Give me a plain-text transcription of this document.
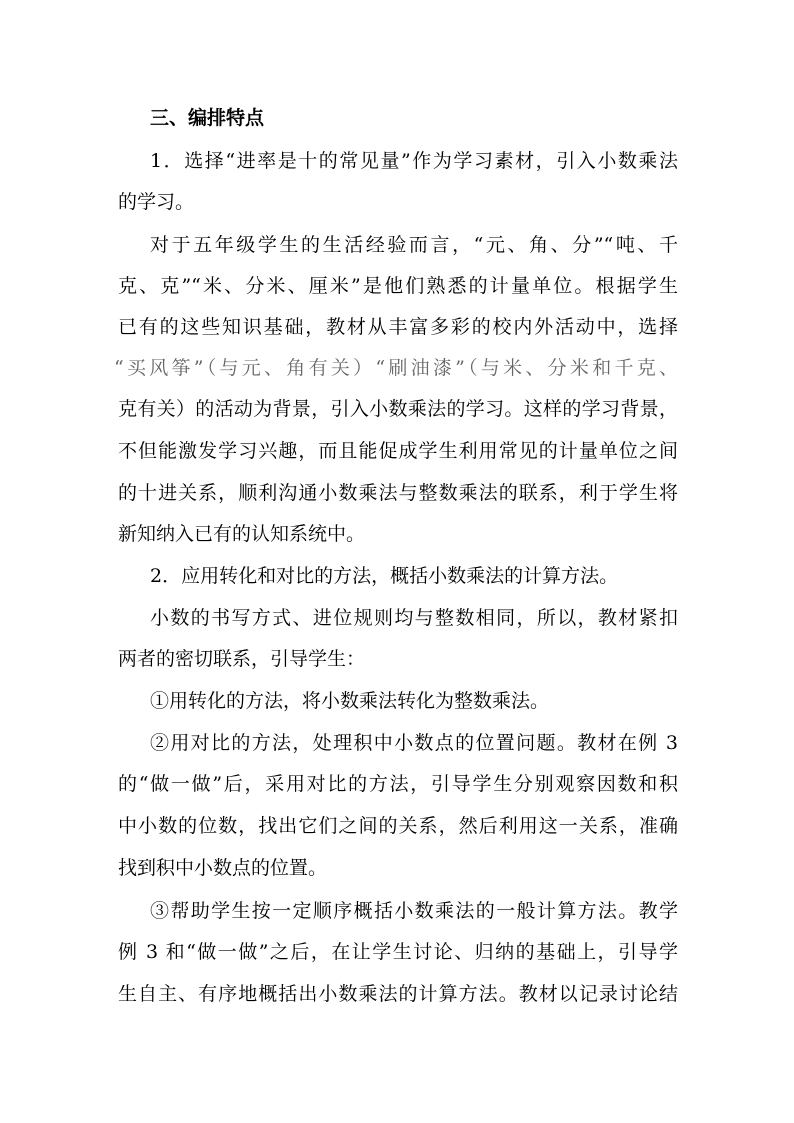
三、编排特点

1．选择“进率是十的常见量”作为学习素材，引入小数乘法

的学习。

对于五年级学生的生活经验而言，“元、角、分”“吨、千

克、克”“米、分米、厘米”是他们熟悉的计量单位。根据学生

已有的这些知识基础，教材从丰富多彩的校内外活动中，选择

“买风筝”（与元、角有关）“刷油漆”（与米、分米和千克、

克有关）的活动为背景，引入小数乘法的学习。这样的学习背景，

不但能激发学习兴趣，而且能促成学生利用常见的计量单位之间

的十进关系，顺利沟通小数乘法与整数乘法的联系，利于学生将

新知纳入已有的认知系统中。

2．应用转化和对比的方法，概括小数乘法的计算方法。

小数的书写方式、进位规则均与整数相同，所以，教材紧扣

两者的密切联系，引导学生：

①用转化的方法，将小数乘法转化为整数乘法。

②用对比的方法，处理积中小数点的位置问题。教材在例 3

的“做一做”后，采用对比的方法，引导学生分别观察因数和积

中小数的位数，找出它们之间的关系，然后利用这一关系，准确

找到积中小数点的位置。

③帮助学生按一定顺序概括小数乘法的一般计算方法。教学

例 3 和“做一做”之后，在让学生讨论、归纳的基础上，引导学

生自主、有序地概括出小数乘法的计算方法。教材以记录讨论结
